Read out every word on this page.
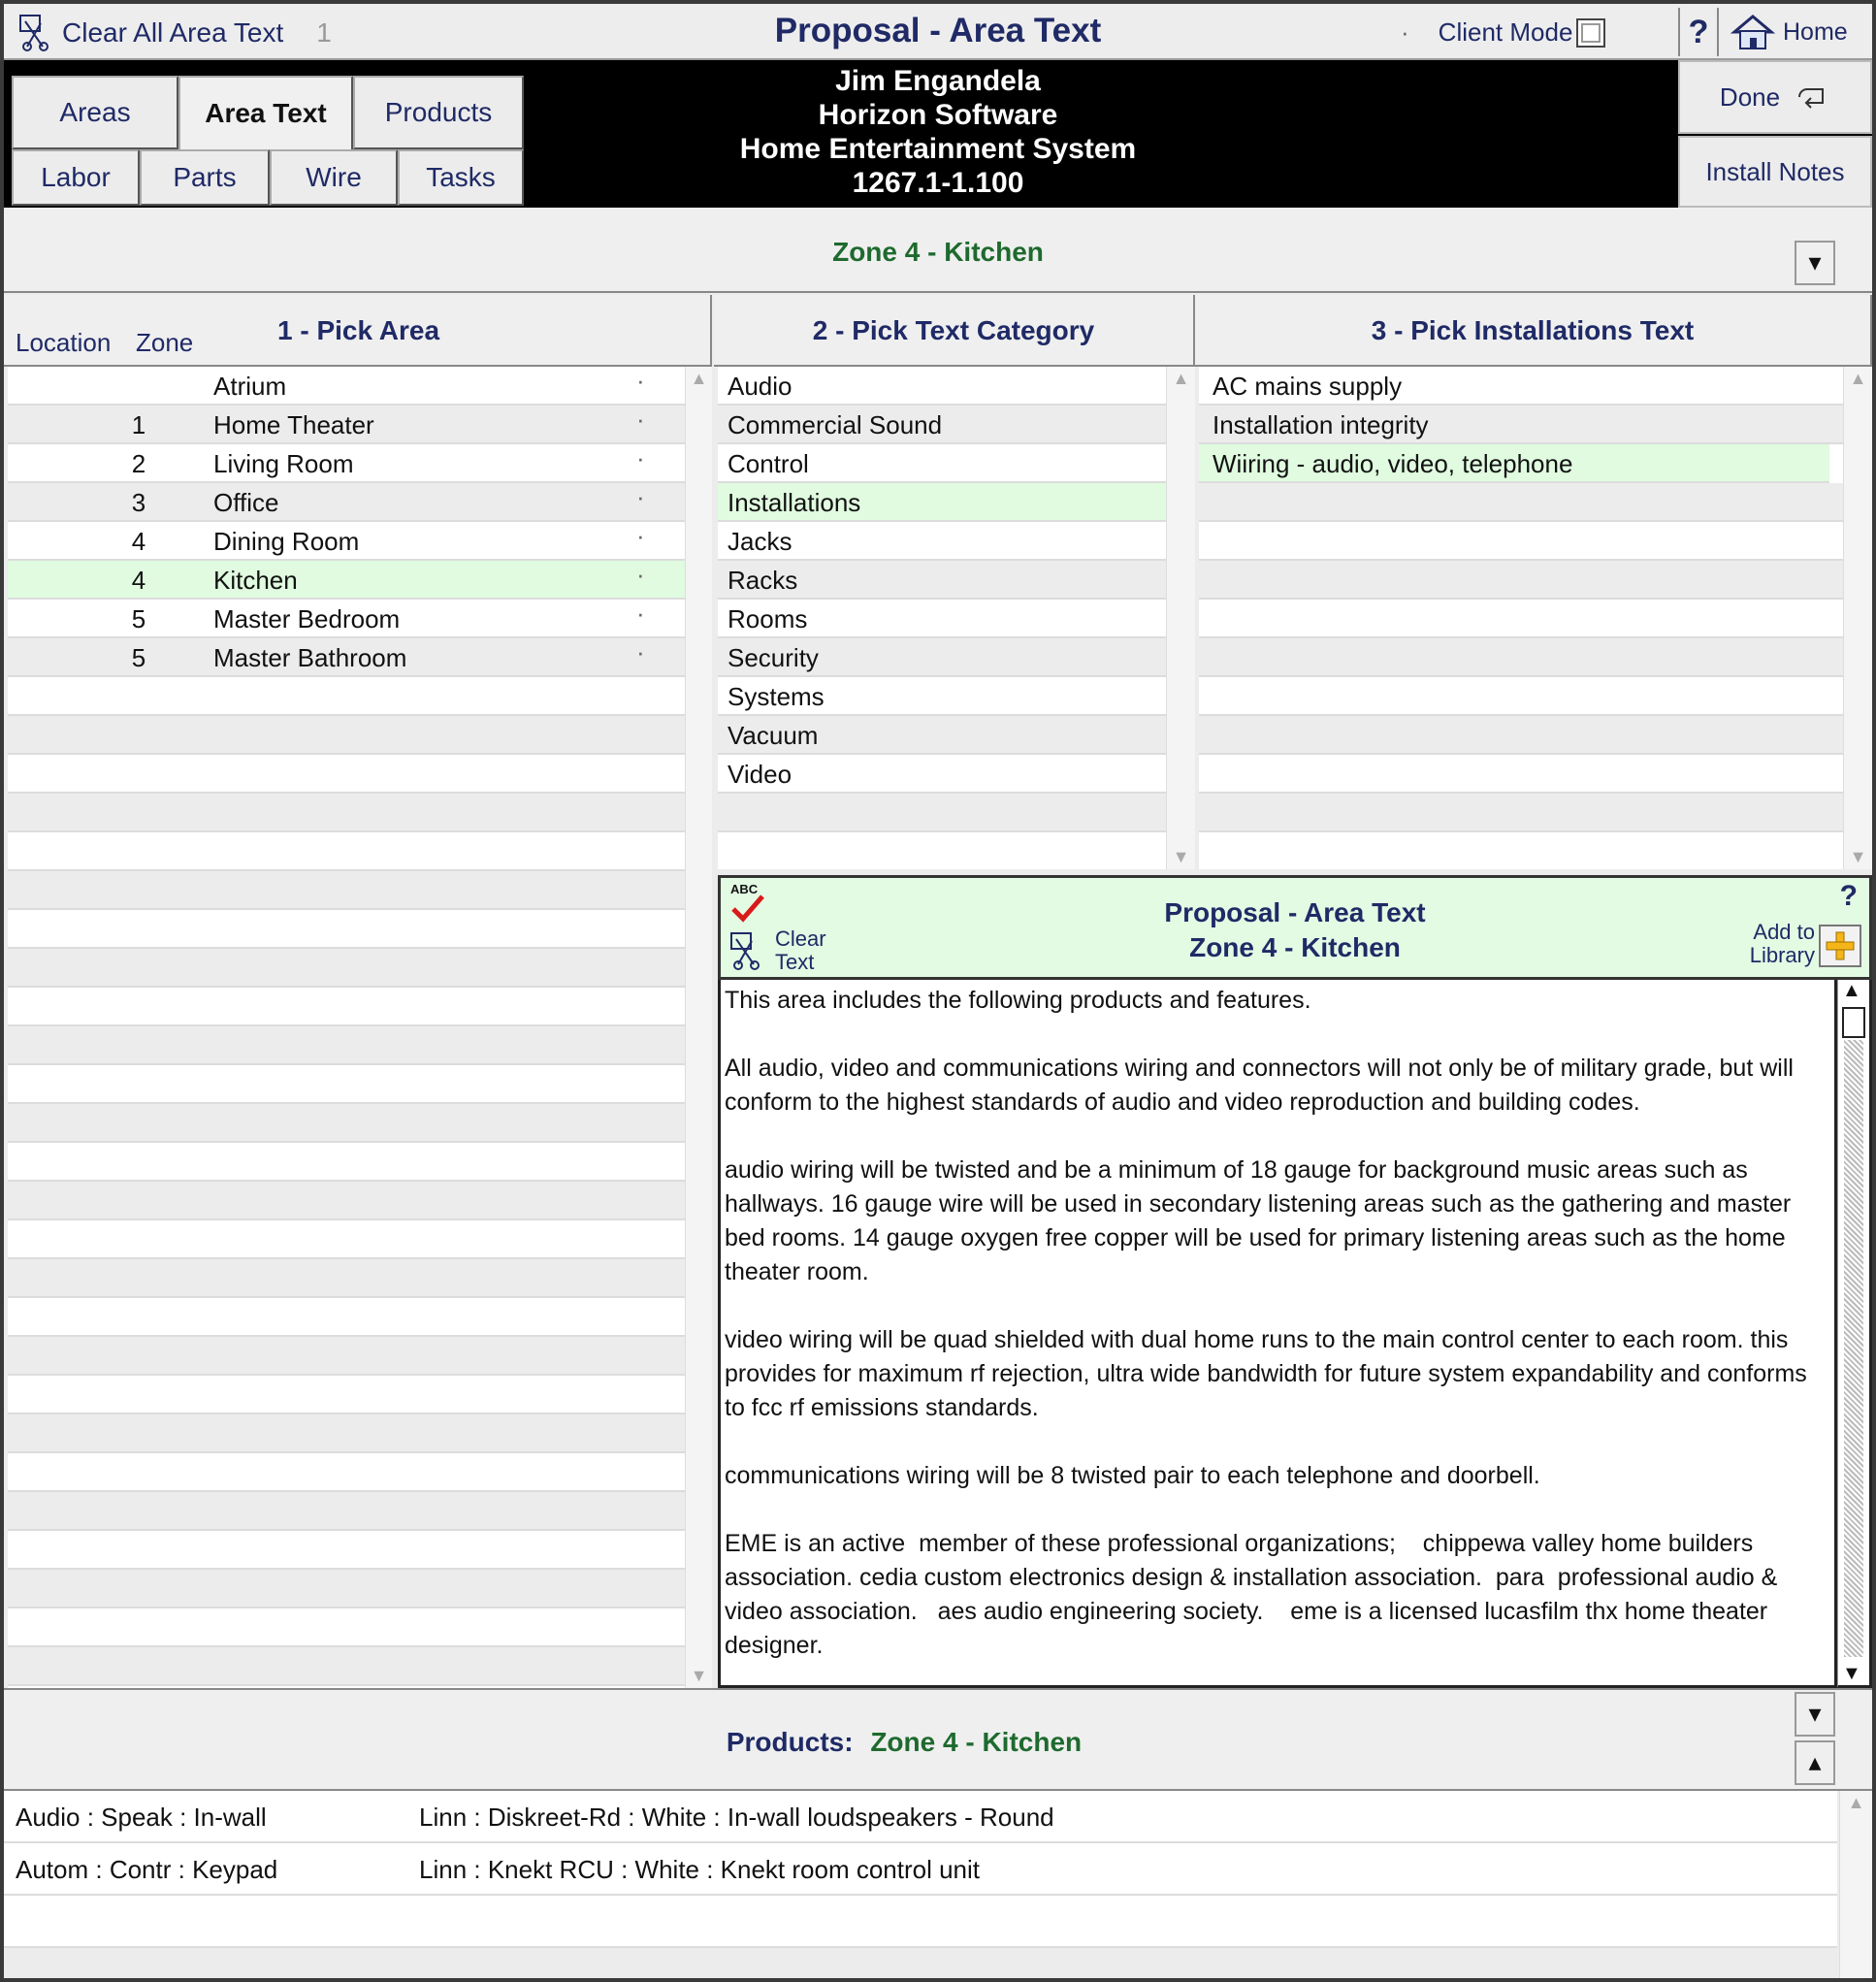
Clear All Area Text 1	Proposal - Area Text	· Client Mode	?	Home
Areas	Area Text	Products
Labor	Parts	Wire	Tasks
Jim Engandela
Horizon Software
Home Entertainment System
1267.1-1.100
Done
Install Notes
Zone 4 - Kitchen	▾
Location Zone	1 - Pick Area	2 - Pick Text Category	3 - Pick Installations Text
Atrium	·
1	Home Theater	·
2	Living Room	·
3	Office	·
4	Dining Room	·
4	Kitchen	·
5	Master Bedroom	·
5	Master Bathroom	·
▲
▼
Audio
Commercial Sound
Control
Installations
Jacks
Racks
Rooms
Security
Systems
Vacuum
Video
▲
▼
AC mains supply
Installation integrity
Wiiring - audio, video, telephone
▲
▼
ABC
Clear
Text
Proposal - Area Text
Zone 4 - Kitchen
Add to
Library
?

This area includes the following products and features.

All audio, video and communications wiring and connectors will not only be of military grade, but will conform to the highest standards of audio and video reproduction and building codes.

audio wiring will be twisted and be a minimum of 18 gauge for background music areas such as hallways. 16 gauge wire will be used in secondary listening areas such as the gathering and master bed rooms. 14 gauge oxygen free copper will be used for primary listening areas such as the home theater room.

video wiring will be quad shielded with dual home runs to the main control center to each room. this provides for maximum rf rejection, ultra wide bandwidth for future system expandability and conforms to fcc rf emissions standards.

communications wiring will be 8 twisted pair to each telephone and doorbell.

EME is an active  member of these professional organizations;    chippewa valley home builders association. cedia custom electronics design & installation association.  para  professional audio & video association.   aes audio engineering society.    eme is a licensed lucasfilm thx home theater designer.

▲
▼
Products: Zone 4 - Kitchen
▾
▴
Audio : Speak : In-wall	Linn : Diskreet-Rd : White : In-wall loudspeakers - Round
Autom : Contr : Keypad	Linn : Knekt RCU : White : Knekt room control unit
▲
